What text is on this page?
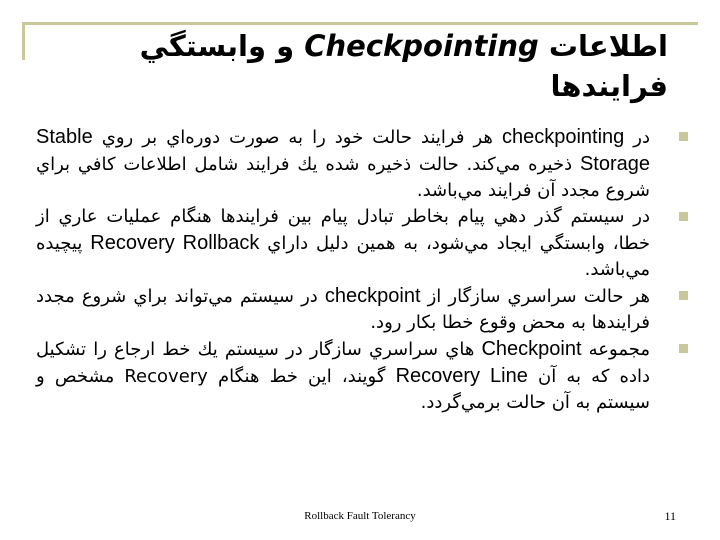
اطلاعات Checkpointing و وابستگي فرايندها
در checkpointing هر فرايند حالت خود را به صورت دوره‌اي بر روي Stable Storage ذخيره مي‌كند. حالت ذخيره شده يك فرايند شامل اطلاعات كافي براي شروع مجدد آن فرايند مي‌باشد.
در سيستم گذر دهي پيام بخاطر تبادل پيام بين فرايندها هنگام عمليات عاري از خطا، وابستگي ايجاد مي‌شود، به همين دليل داراي Rollback Recovery پيچيده مي‌باشد.
هر حالت سراسري سازگار از checkpoint در سيستم مي‌تواند براي شروع مجدد فرايندها به محض وقوع خطا بكار رود.
مجموعه Checkpoint هاي سراسري سازگار در سيستم يك خط ارجاع را تشكيل داده كه به آن Recovery Line گويند، اين خط هنگام Recovery مشخص و سيستم به آن حالت برمي‌گردد.
Rollback Fault Tolerancy	11
